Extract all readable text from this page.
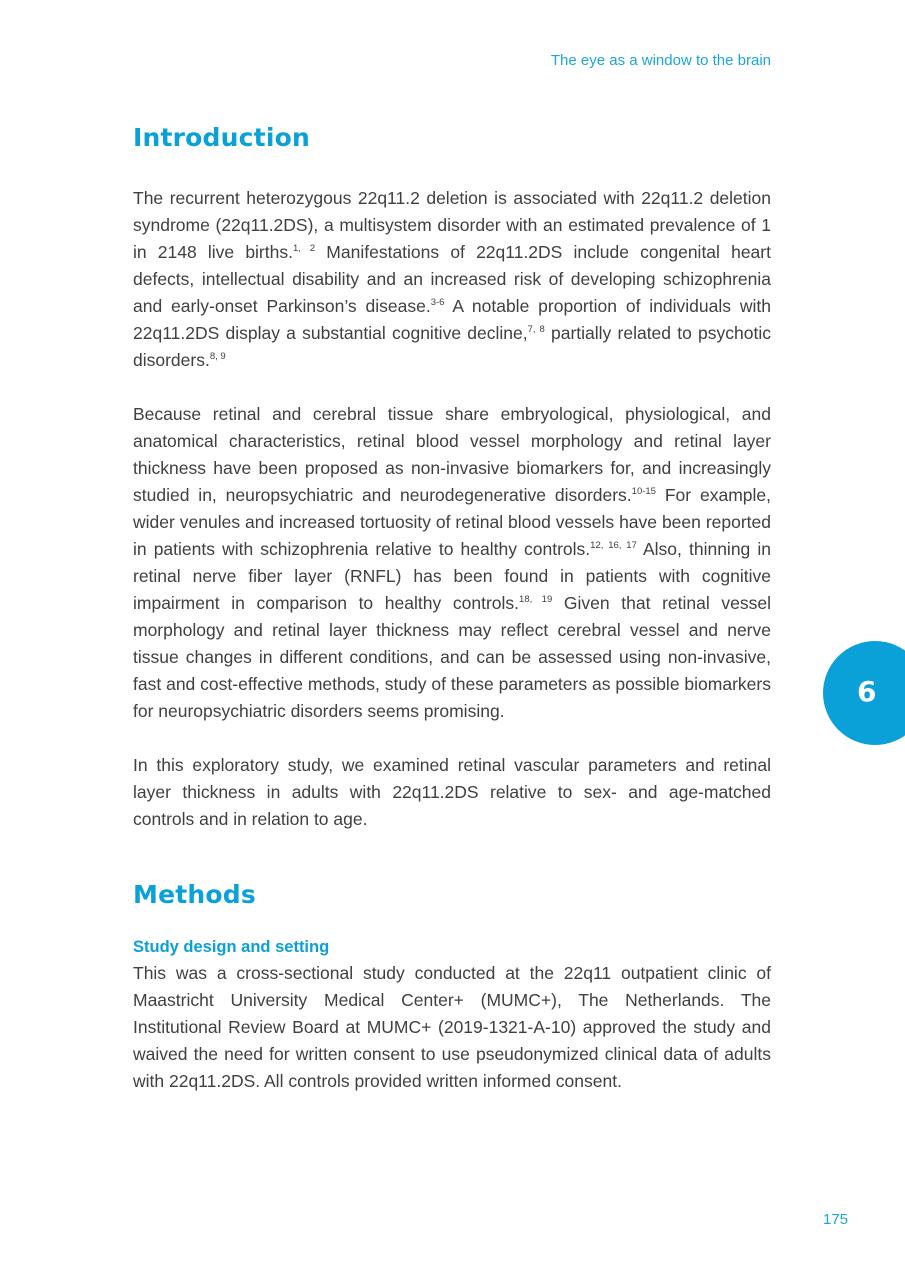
The eye as a window to the brain
Introduction

The recurrent heterozygous 22q11.2 deletion is associated with 22q11.2 deletion syndrome (22q11.2DS), a multisystem disorder with an estimated prevalence of 1 in 2148 live births.$^{1, 2}$ Manifestations of 22q11.2DS include congenital heart defects, intellectual disability and an increased risk of developing schizophrenia and early-onset Parkinson’s disease.$^{3-6}$ A notable proportion of individuals with 22q11.2DS display a substantial cognitive decline,$^{7, 8}$ partially related to psychotic disorders.$^{8, 9}$

Because retinal and cerebral tissue share embryological, physiological, and anatomical characteristics, retinal blood vessel morphology and retinal layer thickness have been proposed as non-invasive biomarkers for, and increasingly studied in, neuropsychiatric and neurodegenerative disorders.$^{10-15}$ For example, wider venules and increased tortuosity of retinal blood vessels have been reported in patients with schizophrenia relative to healthy controls.$^{12, 16, 17}$ Also, thinning in retinal nerve fiber layer (RNFL) has been found in patients with cognitive impairment in comparison to healthy controls.$^{18, 19}$ Given that retinal vessel morphology and retinal layer thickness may reflect cerebral vessel and nerve tissue changes in different conditions, and can be assessed using non-invasive, fast and cost-effective methods, study of these parameters as possible biomarkers for neuropsychiatric disorders seems promising.

In this exploratory study, we examined retinal vascular parameters and retinal layer thickness in adults with 22q11.2DS relative to sex- and age-matched controls and in relation to age.

Methods
Study design and setting

This was a cross-sectional study conducted at the 22q11 outpatient clinic of Maastricht University Medical Center+ (MUMC+), The Netherlands. The Institutional Review Board at MUMC+ (2019-1321-A-10) approved the study and waived the need for written consent to use pseudonymized clinical data of adults with 22q11.2DS. All controls provided written informed consent.

6
175
